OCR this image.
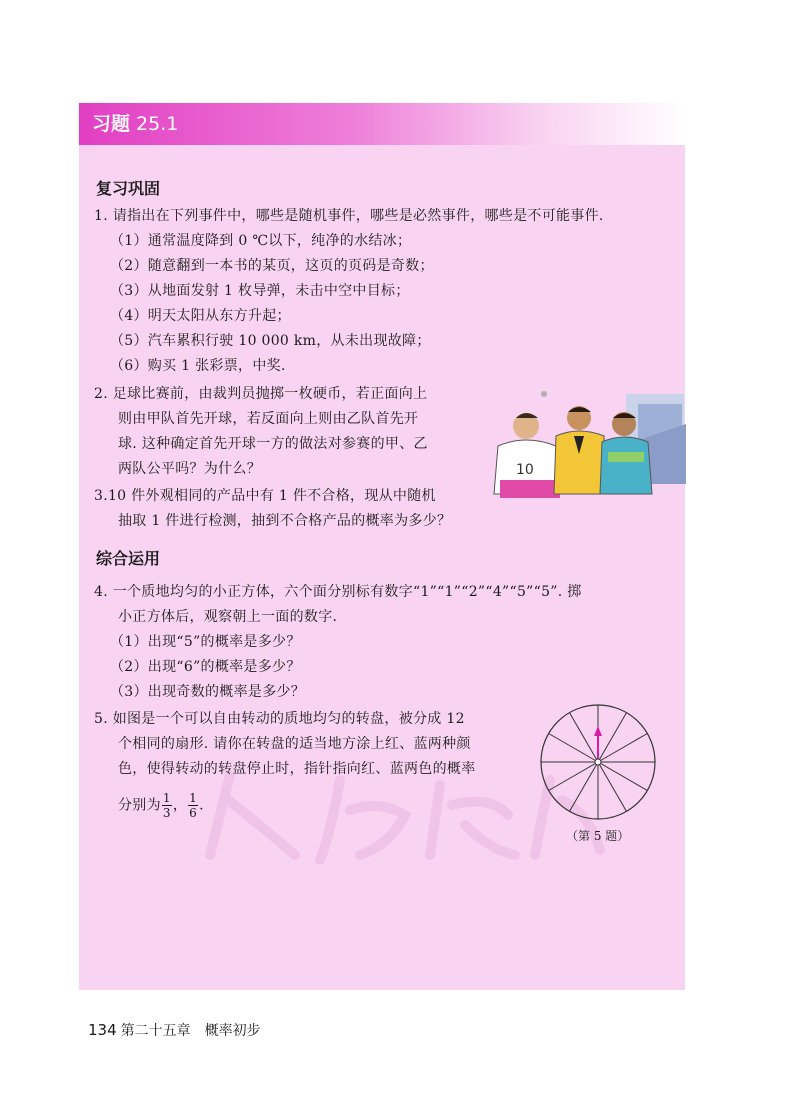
习题 25.1
复习巩固

1. 请指出在下列事件中，哪些是随机事件，哪些是必然事件，哪些是不可能事件.

（1）通常温度降到 0 ℃以下，纯净的水结冰；

（2）随意翻到一本书的某页，这页的页码是奇数；

（3）从地面发射 1 枚导弹，未击中空中目标；

（4）明天太阳从东方升起；

（5）汽车累积行驶 10 000 km，从未出现故障；

（6）购买 1 张彩票，中奖.

2. 足球比赛前，由裁判员抛掷一枚硬币，若正面向上

则由甲队首先开球，若反面向上则由乙队首先开

球. 这种确定首先开球一方的做法对参赛的甲、乙

两队公平吗？为什么？	10

3.10 件外观相同的产品中有 1 件不合格，现从中随机

抽取 1 件进行检测，抽到不合格产品的概率为多少？

综合运用

4. 一个质地均匀的小正方体，六个面分别标有数字“1”“1”“2”“4”“5”“5”. 掷

小正方体后，观察朝上一面的数字.

（1）出现“5”的概率是多少？

（2）出现“6”的概率是多少？

（3）出现奇数的概率是多少？

5. 如图是一个可以自由转动的质地均匀的转盘，被分成 12

个相同的扇形. 请你在转盘的适当地方涂上红、蓝两种颜

色，使得转动的转盘停止时，指针指向红、蓝两色的概率

分别为 $\frac{1}{3}$ ， $\frac{1}{6}$ .

（第 5 题）

134 第二十五章 概率初步
